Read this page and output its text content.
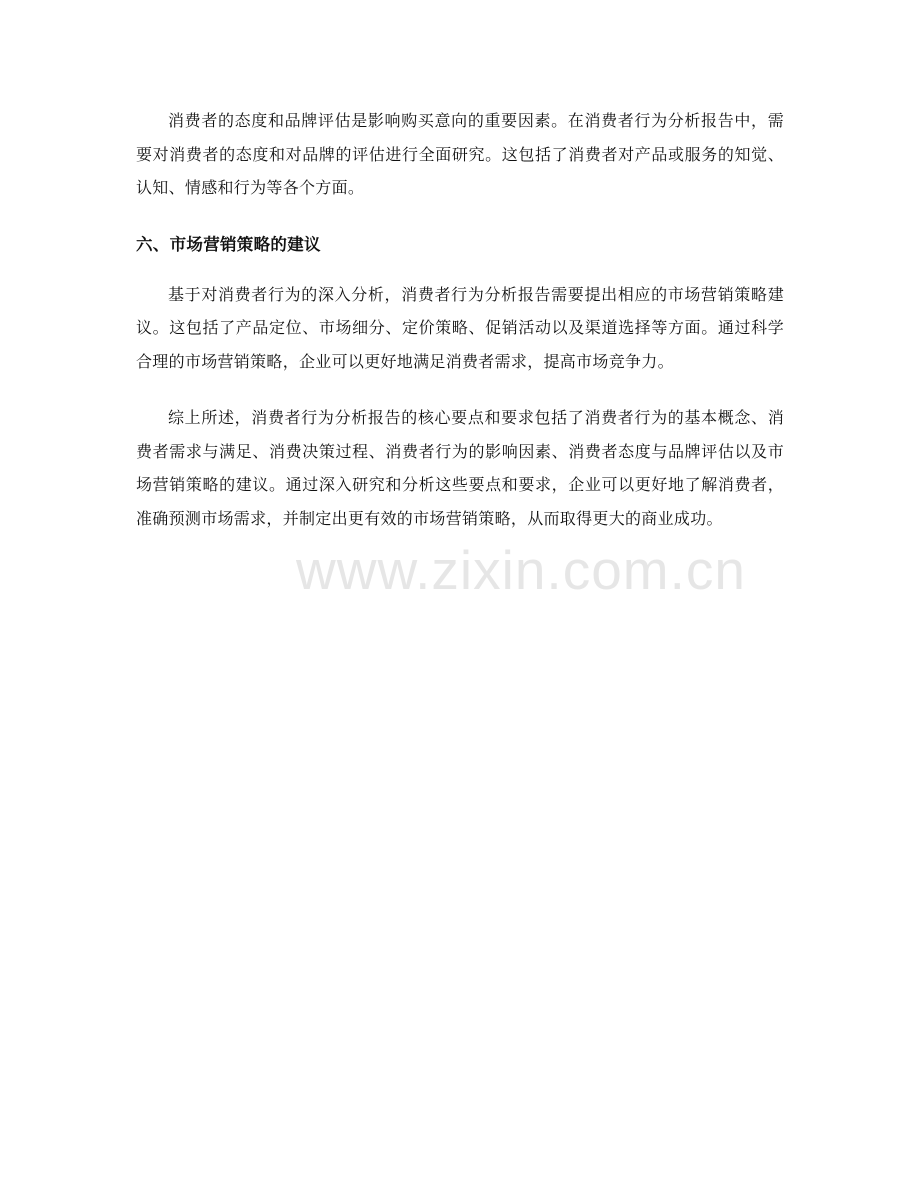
消费者的态度和品牌评估是影响购买意向的重要因素。在消费者行为分析报告中，需要对消费者的态度和对品牌的评估进行全面研究。这包括了消费者对产品或服务的知觉、认知、情感和行为等各个方面。

六、市场营销策略的建议

基于对消费者行为的深入分析，消费者行为分析报告需要提出相应的市场营销策略建议。这包括了产品定位、市场细分、定价策略、促销活动以及渠道选择等方面。通过科学合理的市场营销策略，企业可以更好地满足消费者需求，提高市场竞争力。

综上所述，消费者行为分析报告的核心要点和要求包括了消费者行为的基本概念、消费者需求与满足、消费决策过程、消费者行为的影响因素、消费者态度与品牌评估以及市场营销策略的建议。通过深入研究和分析这些要点和要求，企业可以更好地了解消费者，准确预测市场需求，并制定出更有效的市场营销策略，从而取得更大的商业成功。

www.zixin.com.cn
